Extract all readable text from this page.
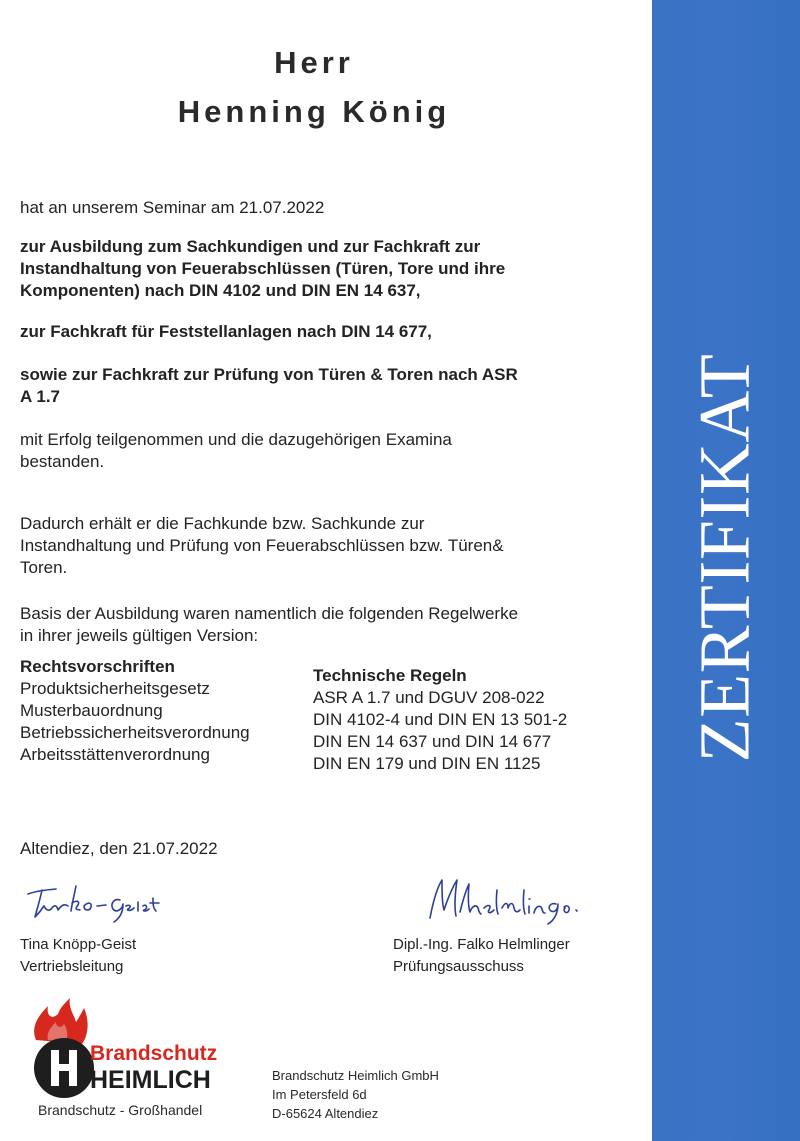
ZERTIFIKAT
Herr
Henning König
hat an unserem Seminar am 21.07.2022
zur Ausbildung zum Sachkundigen und zur Fachkraft zur
Instandhaltung von Feuerabschlüssen (Türen, Tore und ihre
Komponenten) nach DIN 4102 und DIN EN 14 637,
zur Fachkraft für Feststellanlagen nach DIN 14 677,
sowie zur Fachkraft zur Prüfung von Türen & Toren nach ASR
A 1.7
mit Erfolg teilgenommen und die dazugehörigen Examina
bestanden.
Dadurch erhält er die Fachkunde bzw. Sachkunde zur
Instandhaltung und Prüfung von Feuerabschlüssen bzw. Türen&
Toren.
Basis der Ausbildung waren namentlich die folgenden Regelwerke
in ihrer jeweils gültigen Version:
Rechtsvorschriften
Produktsicherheitsgesetz
Musterbauordnung
Betriebssicherheitsverordnung
Arbeitsstättenverordnung
Technische Regeln
ASR A 1.7 und DGUV 208-022
DIN 4102-4 und DIN EN 13 501-2
DIN EN 14 637 und DIN 14 677
DIN EN 179 und DIN EN 1125
Altendiez, den 21.07.2022
Tina Knöpp-Geist
Vertriebsleitung
Dipl.-Ing. Falko Helmlinger
Prüfungsausschuss
Brandschutz
HEIMLICH
Brandschutz - Großhandel
Brandschutz Heimlich GmbH
Im Petersfeld 6d
D-65624 Altendiez
